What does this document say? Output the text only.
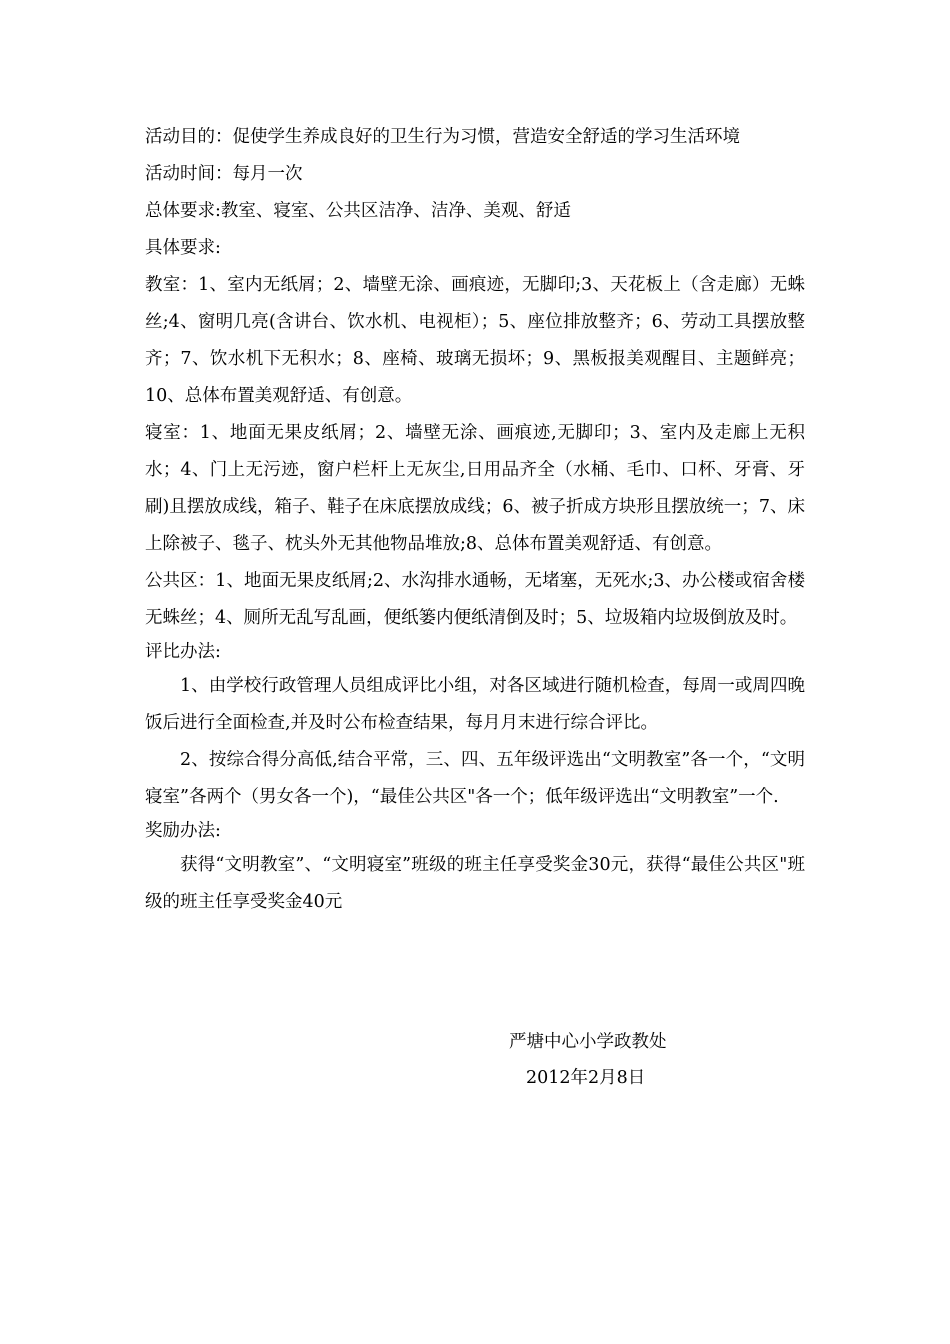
活动目的：促使学生养成良好的卫生行为习惯，营造安全舒适的学习生活环境

活动时间：每月一次

总体要求:教室、寝室、公共区洁净、洁净、美观、舒适

具体要求:

教室：1、室内无纸屑；2、墙壁无涂、画痕迹，无脚印;3、天花板上（含走廊）无蛛丝;4、窗明几亮(含讲台、饮水机、电视柜）；5、座位排放整齐；6、劳动工具摆放整齐；7、饮水机下无积水；8、座椅、玻璃无损坏；9、黑板报美观醒目、主题鲜亮；10、总体布置美观舒适、有创意。

寝室：1、地面无果皮纸屑；2、墙壁无涂、画痕迹,无脚印；3、室内及走廊上无积水；4、门上无污迹，窗户栏杆上无灰尘,日用品齐全（水桶、毛巾、口杯、牙膏、牙刷)且摆放成线，箱子、鞋子在床底摆放成线；6、被子折成方块形且摆放统一；7、床上除被子、毯子、枕头外无其他物品堆放;8、总体布置美观舒适、有创意。

公共区：1、地面无果皮纸屑;2、水沟排水通畅，无堵塞，无死水;3、办公楼或宿舍楼无蛛丝；4、厕所无乱写乱画，便纸篓内便纸清倒及时；5、垃圾箱内垃圾倒放及时。

评比办法:

1、由学校行政管理人员组成评比小组，对各区域进行随机检查，每周一或周四晚饭后进行全面检查,并及时公布检查结果，每月月末进行综合评比。

2、按综合得分高低,结合平常，三、四、五年级评选出“文明教室”各一个，“文明寝室”各两个（男女各一个)，“最佳公共区"各一个；低年级评选出“文明教室”一个.

奖励办法:

获得“文明教室”、“文明寝室”班级的班主任享受奖金30元，获得“最佳公共区"班级的班主任享受奖金40元

严塘中心小学政教处
2012年2月8日
